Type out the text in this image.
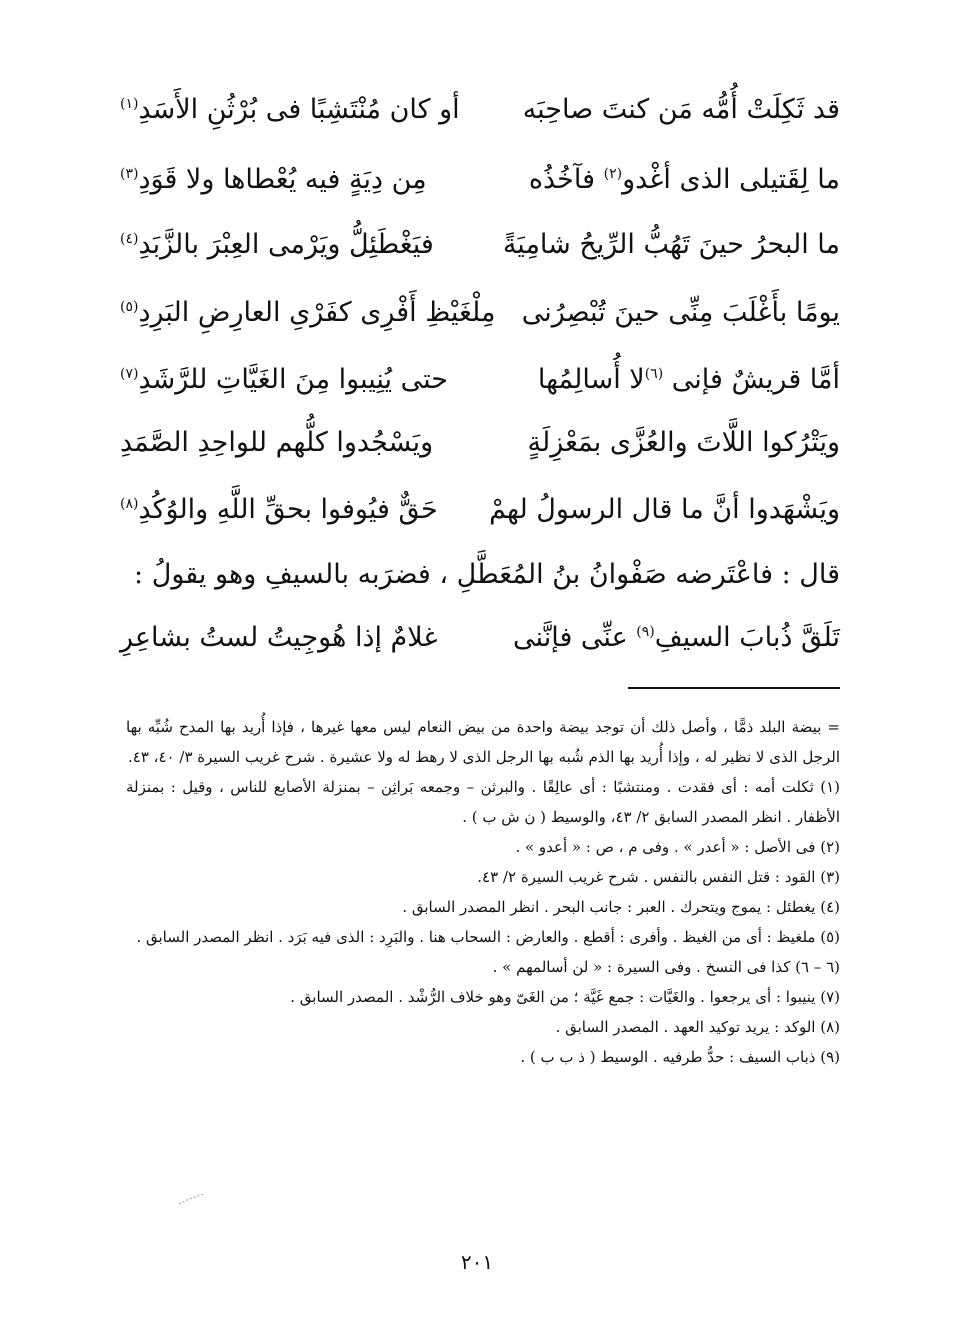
قد ثَكِلَتْ أُمُّه مَن كنتَ صاحِبَه
أو كان مُنْتَشِبًا فى بُرْثُنِ الأَسَدِ$^{(١)}$
ما لِقَتيلى الذى أغْدو$^{(٢)}$ فآخُذُه
مِن دِيَةٍ فيه يُعْطاها ولا قَوَدِ$^{(٣)}$
ما البحرُ حينَ تَهُبُّ الرِّيحُ شامِيَةً
فيَغْطَئِلُّ ويَرْمى العِبْرَ بالزَّبَدِ$^{(٤)}$
يومًا بأَغْلَبَ مِنِّى حينَ تُبْصِرُنى
مِلْغَيْظِ أَفْرِى كفَرْىِ العارِضِ البَرِدِ$^{(٥)}$
أمَّا قريشٌ فإنى $^{(٦)}$لا أُسالِمُها
حتى يُنِيبوا مِنَ الغَيَّاتِ للرَّشَدِ$^{(٧)}$
ويَتْرُكوا اللَّاتَ والعُزَّى بمَعْزِلَةٍ
ويَسْجُدوا كلُّهم للواحِدِ الصَّمَدِ
ويَشْهَدوا أنَّ ما قال الرسولُ لهمْ
حَقٌّ فيُوفوا بحقِّ اللَّهِ والوُكُدِ$^{(٨)}$
قال : فاعْتَرضه صَفْوانُ بنُ المُعَطَّلِ ، فضرَبه بالسيفِ وهو يقولُ :
تَلَقَّ ذُبابَ السيفِ$^{(٩)}$ عنِّى فإنَّنى
غلامٌ إذا هُوجِيتُ لستُ بشاعِرِ

= بيضة البلد ذمًّا ، وأصل ذلك أن توجد بيضة واحدة من بيض النعام ليس معها غيرها ، فإذا أُريد بها المدح شُبِّه بها الرجل الذى لا نظير له ، وإذا أُريد بها الذم شُبه بها الرجل الذى لا رهط له ولا عشيرة . شرح غريب السيرة ٣/ ٤٠، ٤٣.

(١) ثكلت أمه : أى فقدت . ومنتشبًا : أى عالِقًا . والبرثن – وجمعه بَراثِن – بمنزلة الأصابع للناس ، وقيل : بمنزلة الأظفار . انظر المصدر السابق ٢/ ٤٣، والوسيط ( ن ش ب ) .

(٢) فى الأصل : « أعدر » . وفى م ، ص : « أعدو » .

(٣) القود : قتل النفس بالنفس . شرح غريب السيرة ٢/ ٤٣.

(٤) يغطئل : يموج ويتحرك . العبر : جانب البحر . انظر المصدر السابق .

(٥) ملغيظ : أى من الغيظ . وأفرى : أقطع . والعارض : السحاب هنا . والبَرِد : الذى فيه بَرَد . انظر المصدر السابق .

(٦ – ٦) كذا فى النسخ . وفى السيرة : « لن أسالمهم » .

(٧) ينيبوا : أى يرجعوا . والغَيَّات : جمع غَيَّة ؛ من الغَىّ وهو خلاف الرُّشْد . المصدر السابق .

(٨) الوكد : يريد توكيد العهد . المصدر السابق .

(٩) ذباب السيف : حدُّ طرفيه . الوسيط ( ذ ب ب ) .

٢٠١
